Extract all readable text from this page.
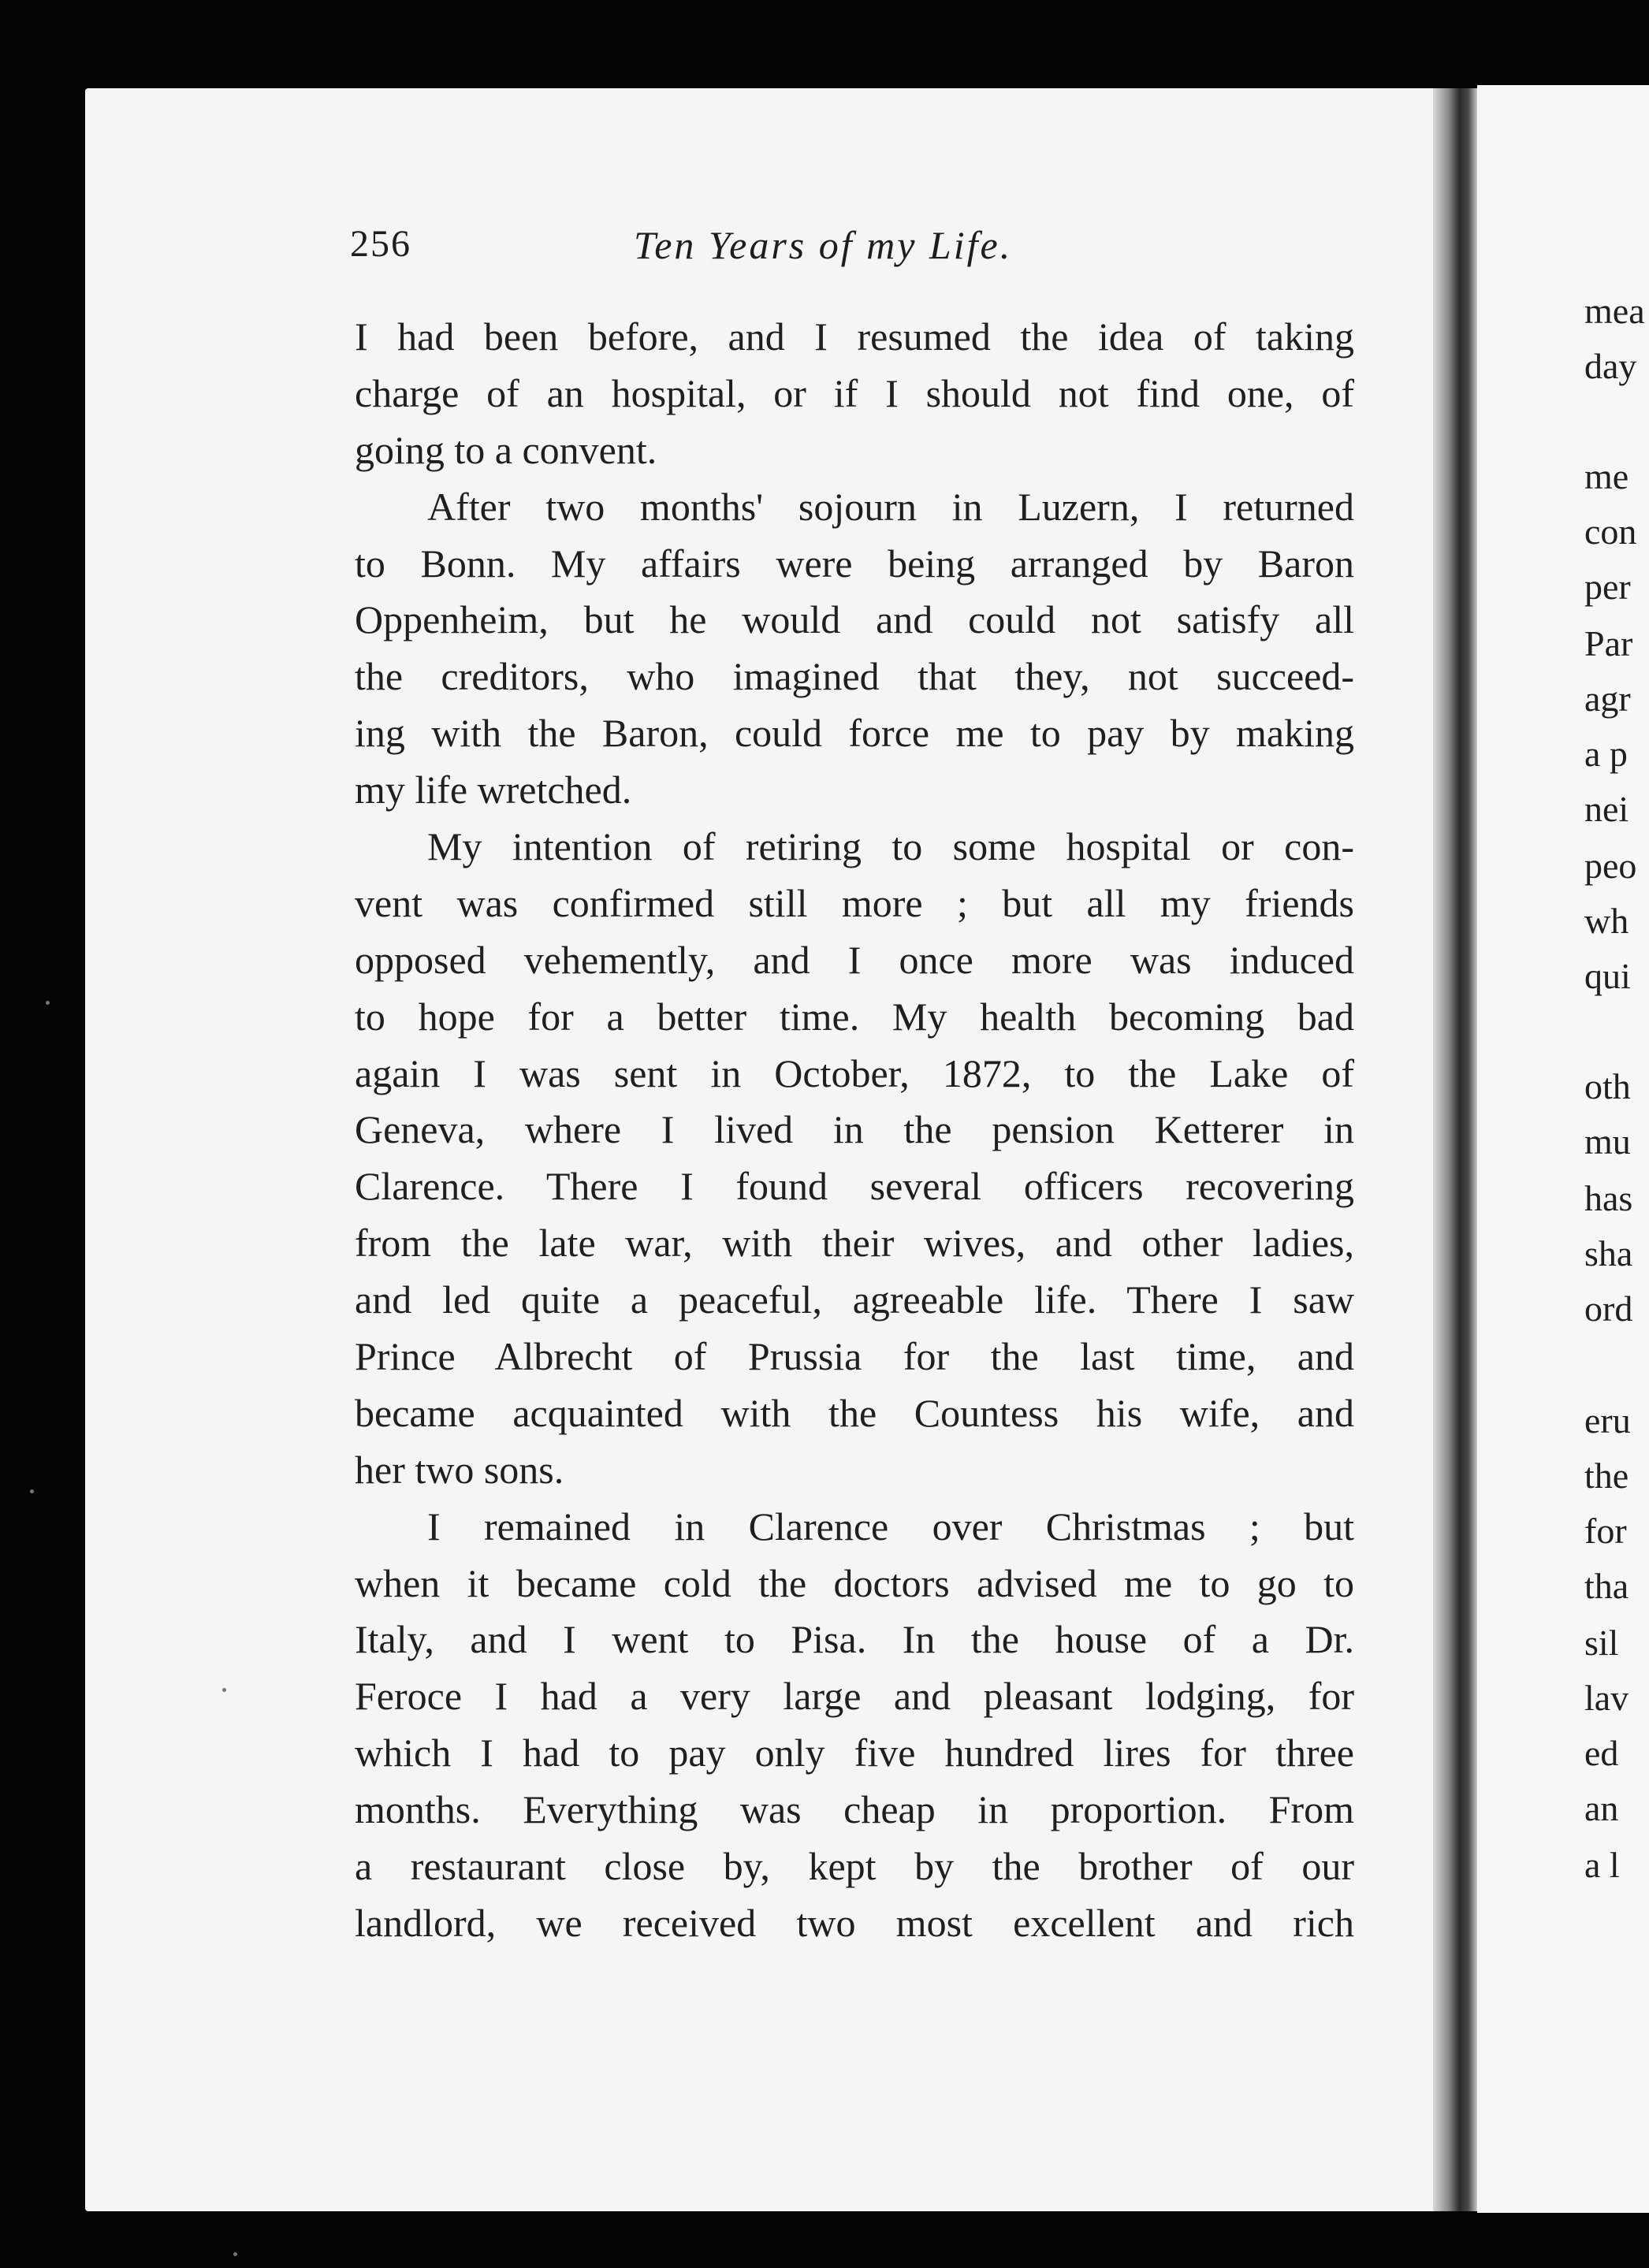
256	Ten Years of my Life.
I had been before, and I resumed the idea of taking
charge of an hospital, or if I should not find one, of
going to a convent.
After two months' sojourn in Luzern, I returned
to Bonn. My affairs were being arranged by Baron
Oppenheim, but he would and could not satisfy all
the creditors, who imagined that they, not succeed-
ing with the Baron, could force me to pay by making
my life wretched.
My intention of retiring to some hospital or con-
vent was confirmed still more ; but all my friends
opposed vehemently, and I once more was induced
to hope for a better time. My health becoming bad
again I was sent in October, 1872, to the Lake of
Geneva, where I lived in the pension Ketterer in
Clarence. There I found several officers recovering
from the late war, with their wives, and other ladies,
and led quite a peaceful, agreeable life. There I saw
Prince Albrecht of Prussia for the last time, and
became acquainted with the Countess his wife, and
her two sons.
I remained in Clarence over Christmas ; but
when it became cold the doctors advised me to go to
Italy, and I went to Pisa. In the house of a Dr.
Feroce I had a very large and pleasant lodging, for
which I had to pay only five hundred lires for three
months. Everything was cheap in proportion. From
a restaurant close by, kept by the brother of our
landlord, we received two most excellent and rich
mea
day
me
con
per
Par
agr
a p
nei
peo
wh
qui
oth
mu
has
sha
ord
eru
the
for
tha
sil
lav
ed
an
a l
